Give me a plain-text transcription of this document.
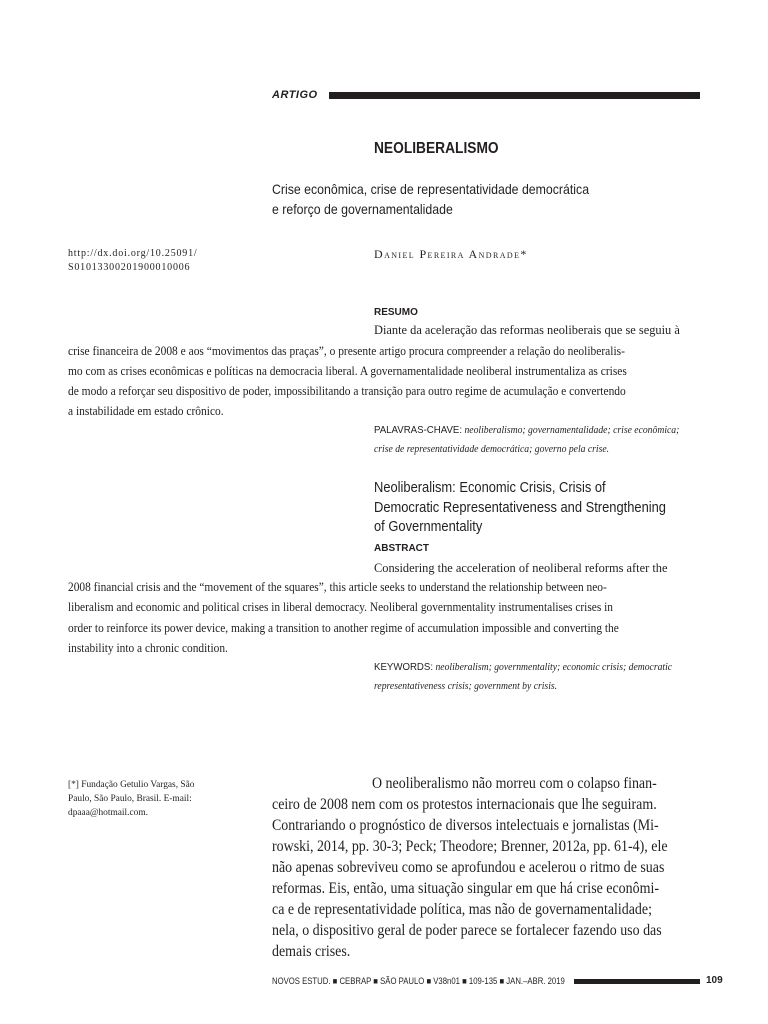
ARTIGO
NEOLIBERALISMO
Crise econômica, crise de representatividade democrática
e reforço de governamentalidade
http://dx.doi.org/10.25091/
S01013300201900010006
Daniel Pereira Andrade*
RESUMO
Diante da aceleração das reformas neoliberais que se seguiu à
crise financeira de 2008 e aos “movimentos das praças”, o presente artigo procura compreender a relação do neoliberalis-
mo com as crises econômicas e políticas na democracia liberal. A governamentalidade neoliberal instrumentaliza as crises
de modo a reforçar seu dispositivo de poder, impossibilitando a transição para outro regime de acumulação e convertendo
a instabilidade em estado crônico.
PALAVRAS-CHAVE: neoliberalismo; governamentalidade; crise econômica;
crise de representatividade democrática; governo pela crise.
Neoliberalism: Economic Crisis, Crisis of
Democratic Representativeness and Strengthening
of Governmentality
ABSTRACT
Considering the acceleration of neoliberal reforms after the
2008 financial crisis and the “movement of the squares”, this article seeks to understand the relationship between neo-
liberalism and economic and political crises in liberal democracy. Neoliberal governmentality instrumentalises crises in
order to reinforce its power device, making a transition to another regime of accumulation impossible and converting the
instability into a chronic condition.
KEYWORDS: neoliberalism; governmentality; economic crisis; democratic
representativeness crisis; government by crisis.
[*] Fundação Getulio Vargas, São
Paulo, São Paulo, Brasil. E-mail:
dpaaa@hotmail.com.
O neoliberalismo não morreu com o colapso finan-
ceiro de 2008 nem com os protestos internacionais que lhe seguiram.
Contrariando o prognóstico de diversos intelectuais e jornalistas (Mi-
rowski, 2014, pp. 30-3; Peck; Theodore; Brenner, 2012a, pp. 61-4), ele
não apenas sobreviveu como se aprofundou e acelerou o ritmo de suas
reformas. Eis, então, uma situação singular em que há crise econômi-
ca e de representatividade política, mas não de governamentalidade;
nela, o dispositivo geral de poder parece se fortalecer fazendo uso das
demais crises.
NOVOS ESTUD. ■ CEBRAP ■ SÃO PAULO ■ V38n01 ■ 109-135 ■ JAN.–ABR. 2019	109
